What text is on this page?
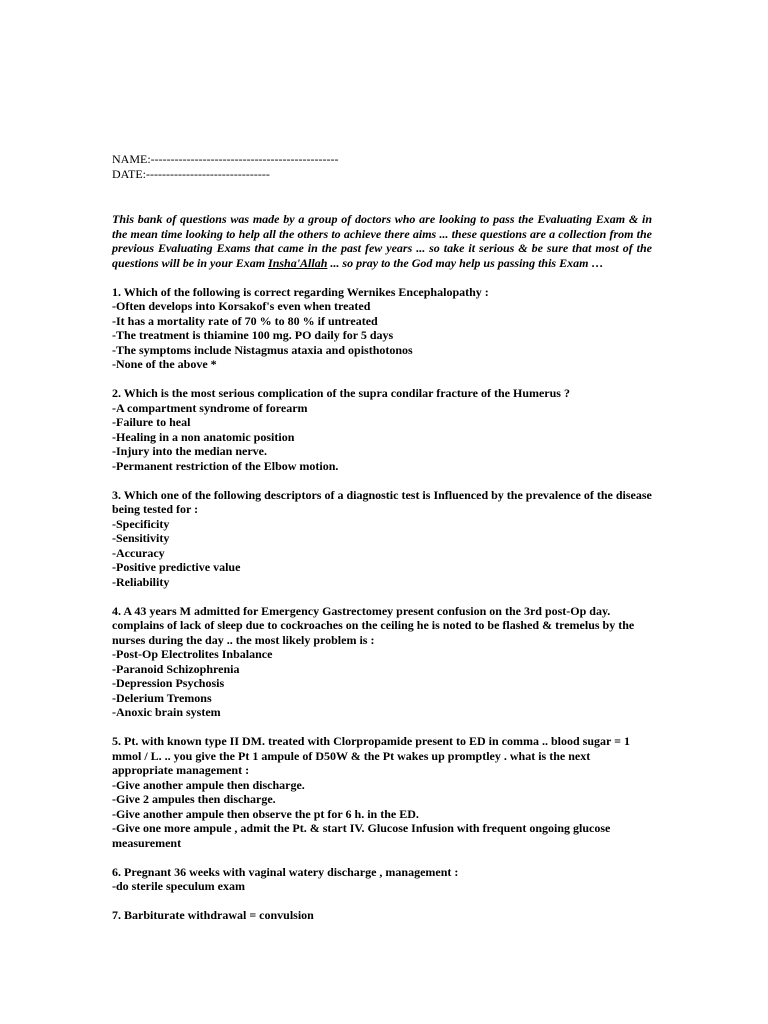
NAME:-----------------------------------------------
DATE:-------------------------------
This bank of questions was made by a group of doctors who are looking to pass the Evaluating Exam & in the mean time looking to help all the others to achieve there aims ... these questions are a collection from the previous Evaluating Exams that came in the past few years ... so take it serious & be sure that most of the questions will be in your Exam Insha'Allah ... so pray to the God may help us passing this Exam …
1. Which of the following is correct regarding Wernikes Encephalopathy :
-Often develops into Korsakof's even when treated
-It has a mortality rate of 70 % to 80 % if untreated
-The treatment is thiamine 100 mg. PO daily for 5 days
-The symptoms include Nistagmus ataxia and opisthotonos
-None of the above *
2. Which is the most serious complication of the supra condilar fracture of the Humerus ?
-A compartment syndrome of forearm
-Failure to heal
-Healing in a non anatomic position
-Injury into the median nerve.
-Permanent restriction of the Elbow motion.
3. Which one of the following descriptors of a diagnostic test is Influenced by the prevalence of the disease being tested for :
-Specificity
-Sensitivity
-Accuracy
-Positive predictive value
-Reliability
4. A 43 years M admitted for Emergency Gastrectomey present confusion on the 3rd post-Op day. complains of lack of sleep due to cockroaches on the ceiling he is noted to be flashed & tremelus by the nurses during the day .. the most likely problem is :
-Post-Op Electrolites Inbalance
-Paranoid Schizophrenia
-Depression Psychosis
-Delerium Tremons
-Anoxic brain system
5. Pt. with known type II DM. treated with Clorpropamide present to ED in comma .. blood sugar = 1 mmol / L. .. you give the Pt 1 ampule of D50W & the Pt wakes up promptley . what is the next appropriate management :
-Give another ampule then discharge.
-Give 2 ampules then discharge.
-Give another ampule then observe the pt for 6 h. in the ED.
-Give one more ampule , admit the Pt. & start IV. Glucose Infusion with frequent ongoing glucose measurement
6. Pregnant 36 weeks with vaginal watery discharge , management :
-do sterile speculum exam
7. Barbiturate withdrawal = convulsion
